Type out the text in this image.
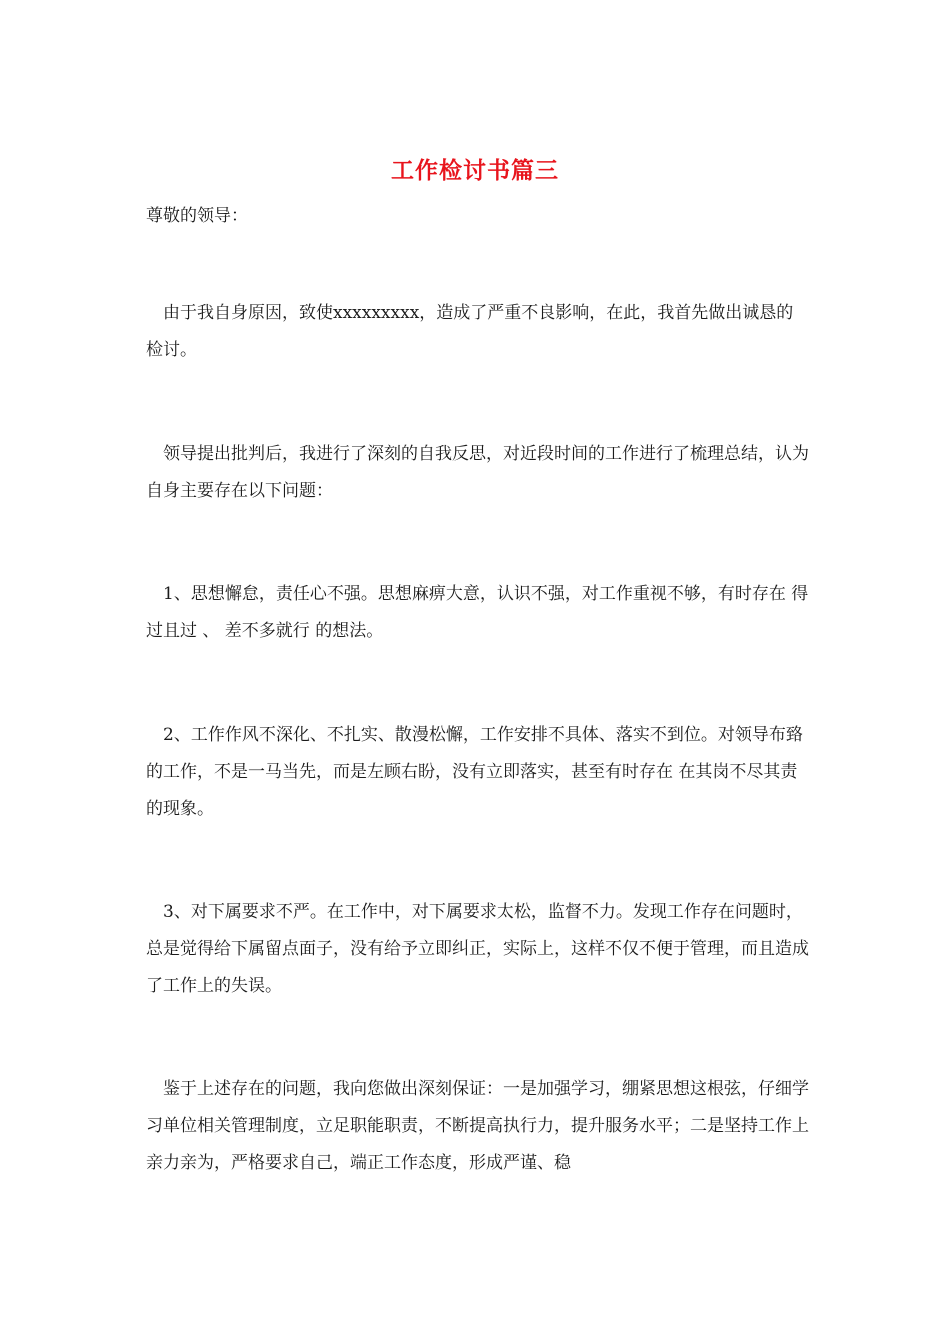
工作检讨书篇三
尊敬的领导：
由于我自身原因，致使xxxxxxxxx，造成了严重不良影响，在此，我首先做出诚恳的检讨。
领导提出批判后，我进行了深刻的自我反思，对近段时间的工作进行了梳理总结，认为自身主要存在以下问题：
1、思想懈怠，责任心不强。思想麻痹大意，认识不强，对工作重视不够，有时存在 得过且过 、 差不多就行 的想法。
2、工作作风不深化、不扎实、散漫松懈，工作安排不具体、落实不到位。对领导布臵的工作，不是一马当先，而是左顾右盼，没有立即落实，甚至有时存在 在其岗不尽其责 的现象。
3、对下属要求不严。在工作中，对下属要求太松，监督不力。发现工作存在问题时，总是觉得给下属留点面子，没有给予立即纠正，实际上，这样不仅不便于管理，而且造成了工作上的失误。
鉴于上述存在的问题，我向您做出深刻保证：一是加强学习，绷紧思想这根弦，仔细学习单位相关管理制度，立足职能职责，不断提高执行力，提升服务水平；二是坚持工作上亲力亲为，严格要求自己，端正工作态度，形成严谨、稳
